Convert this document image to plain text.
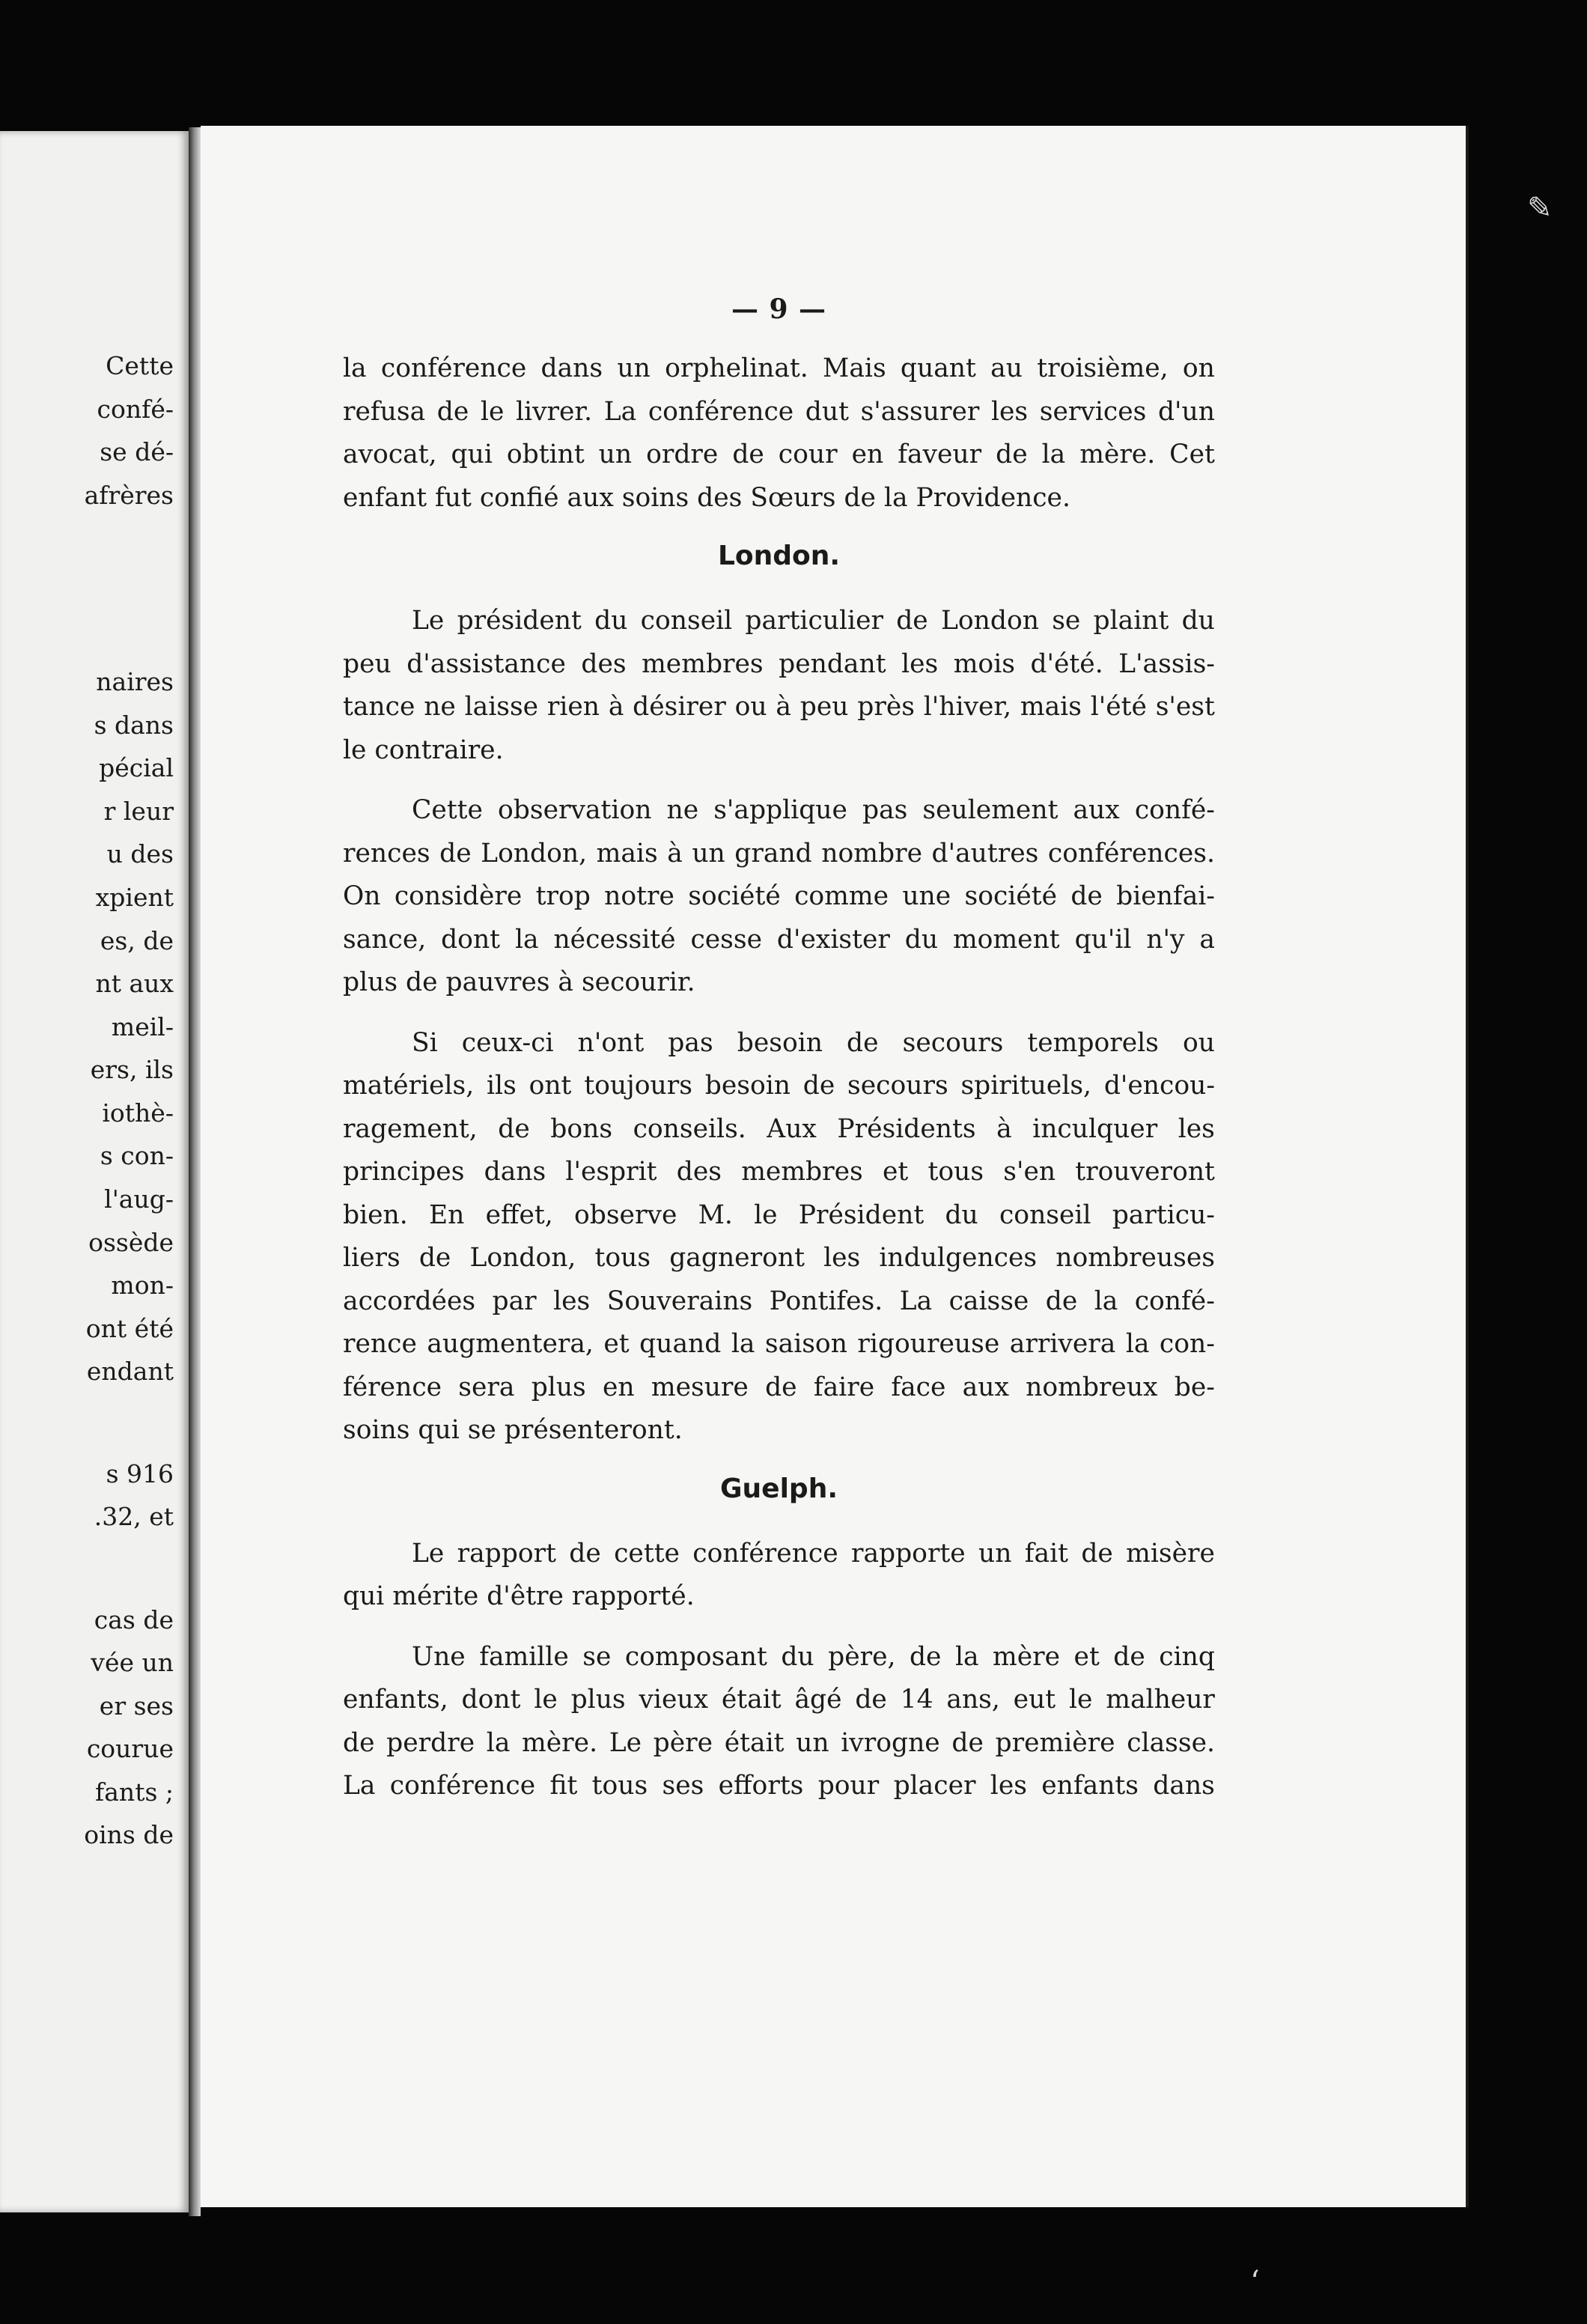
Cette
confé-
se dé-
afrères
naires
s dans
pécial
r leur
u des
xpient
es, de
nt aux
meil-
ers, ils
iothè-
s con-
l'aug-
ossède
mon-
ont été
endant
s 916
.32, et
cas de
vée un
er ses
courue
fants ;
oins de
— 9 —
la conférence dans un orphelinat. Mais quant au troisième, on
refusa de le livrer. La conférence dut s'assurer les services d'un
avocat, qui obtint un ordre de cour en faveur de la mère. Cet
enfant fut confié aux soins des Sœurs de la Providence.
London.
Le président du conseil particulier de London se plaint du
peu d'assistance des membres pendant les mois d'été. L'assis-
tance ne laisse rien à désirer ou à peu près l'hiver, mais l'été s'est
le contraire.
Cette observation ne s'applique pas seulement aux confé-
rences de London, mais à un grand nombre d'autres conférences.
On considère trop notre société comme une société de bienfai-
sance, dont la nécessité cesse d'exister du moment qu'il n'y a
plus de pauvres à secourir.
Si ceux-ci n'ont pas besoin de secours temporels ou
matériels, ils ont toujours besoin de secours spirituels, d'encou-
ragement, de bons conseils. Aux Présidents à inculquer les
principes dans l'esprit des membres et tous s'en trouveront
bien. En effet, observe M. le Président du conseil particu-
liers de London, tous gagneront les indulgences nombreuses
accordées par les Souverains Pontifes. La caisse de la confé-
rence augmentera, et quand la saison rigoureuse arrivera la con-
férence sera plus en mesure de faire face aux nombreux be-
soins qui se présenteront.
Guelph.
Le rapport de cette conférence rapporte un fait de misère
qui mérite d'être rapporté.
Une famille se composant du père, de la mère et de cinq
enfants, dont le plus vieux était âgé de 14 ans, eut le malheur
de perdre la mère. Le père était un ivrogne de première classe.
La conférence fit tous ses efforts pour placer les enfants dans
✎
ʻ
